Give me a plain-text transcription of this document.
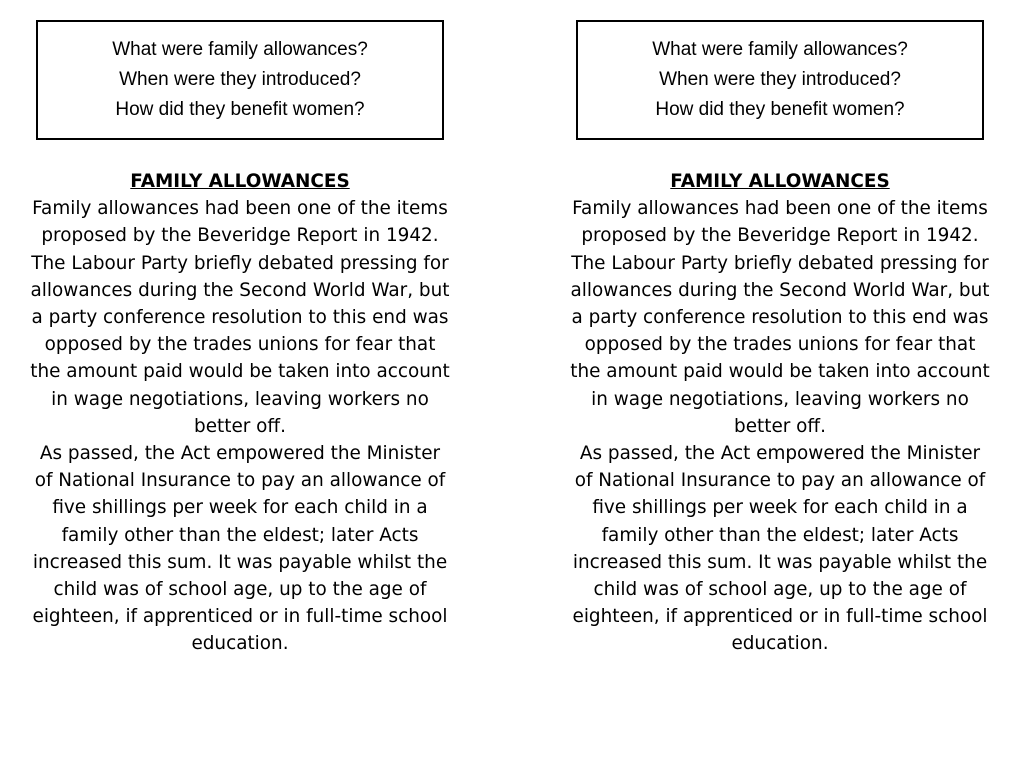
What were family allowances?
When were they introduced?
How did they benefit women?
FAMILY ALLOWANCES

Family allowances had been one of the items proposed by the Beveridge Report in 1942. The Labour Party briefly debated pressing for allowances during the Second World War, but a party conference resolution to this end was opposed by the trades unions for fear that the amount paid would be taken into account in wage negotiations, leaving workers no better off.

As passed, the Act empowered the Minister of National Insurance to pay an allowance of five shillings per week for each child in a family other than the eldest; later Acts increased this sum. It was payable whilst the child was of school age, up to the age of eighteen, if apprenticed or in full-time school education.

What were family allowances?
When were they introduced?
How did they benefit women?
FAMILY ALLOWANCES

Family allowances had been one of the items proposed by the Beveridge Report in 1942. The Labour Party briefly debated pressing for allowances during the Second World War, but a party conference resolution to this end was opposed by the trades unions for fear that the amount paid would be taken into account in wage negotiations, leaving workers no better off.

As passed, the Act empowered the Minister of National Insurance to pay an allowance of five shillings per week for each child in a family other than the eldest; later Acts increased this sum. It was payable whilst the child was of school age, up to the age of eighteen, if apprenticed or in full-time school education.
